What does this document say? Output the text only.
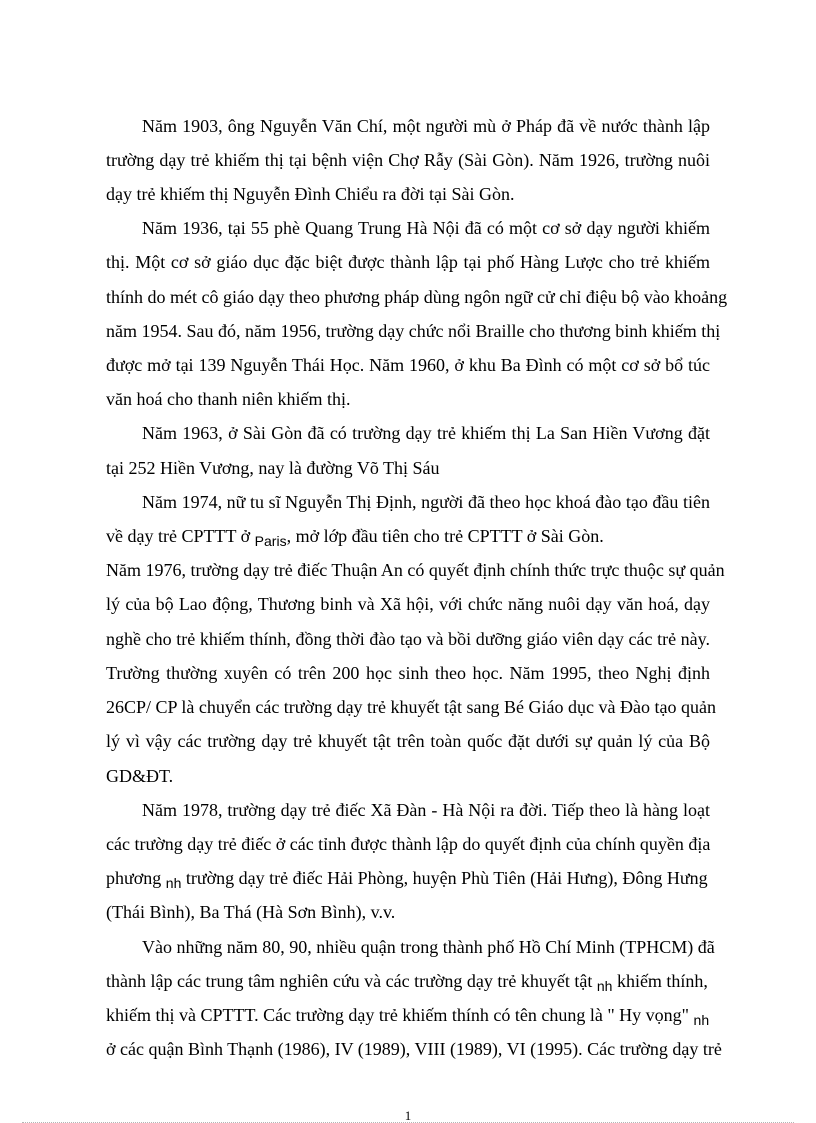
Năm 1903, ông Nguyễn Văn Chí, một người mù ở Pháp đã về nước thành lập
trường dạy trẻ khiếm thị tại bệnh viện Chợ Rẫy (Sài Gòn). Năm 1926, trường nuôi
dạy trẻ khiếm thị Nguyễn Đình Chiểu ra đời tại Sài Gòn.
Năm 1936, tại 55 phè Quang Trung Hà Nội đã có một cơ sở dạy người khiếm
thị. Một cơ sở giáo dục đặc biệt được thành lập tại phố Hàng Lược cho trẻ khiếm
thính do mét cô giáo dạy theo phương pháp dùng ngôn ngữ cử chỉ điệu bộ vào khoảng
năm 1954. Sau đó, năm 1956, trường dạy chức nổi Braille cho thương binh khiếm thị
được mở tại 139 Nguyễn Thái Học. Năm 1960, ở khu Ba Đình có một cơ sở bổ túc
văn hoá cho thanh niên khiếm thị.
Năm 1963, ở Sài Gòn đã có trường dạy trẻ khiếm thị La San Hiền Vương đặt
tại 252 Hiền Vương, nay là đường Võ Thị Sáu
Năm 1974, nữ tu sĩ Nguyễn Thị Định, người đã theo học khoá đào tạo đầu tiên
về dạy trẻ CPTTT ở $_{Paris}$, mở lớp đầu tiên cho trẻ CPTTT ở Sài Gòn.
Năm 1976, trường dạy trẻ điếc Thuận An có quyết định chính thức trực thuộc sự quản
lý của bộ Lao động, Thương binh và Xã hội, với chức năng nuôi dạy văn hoá, dạy
nghề cho trẻ khiếm thính, đồng thời đào tạo và bồi dưỡng giáo viên dạy các trẻ này.
Trường thường xuyên có trên 200 học sinh theo học. Năm 1995, theo Nghị định
26CP/ CP là chuyển các trường dạy trẻ khuyết tật sang Bé Giáo dục và Đào tạo quản
lý vì vậy các trường dạy trẻ khuyết tật trên toàn quốc đặt dưới sự quản lý của Bộ
GD&ĐT.
Năm 1978, trường dạy trẻ điếc Xã Đàn - Hà Nội ra đời. Tiếp theo là hàng loạt
các trường dạy trẻ điếc ở các tỉnh được thành lập do quyết định của chính quyền địa
phương $_{nh}$ trường dạy trẻ điếc Hải Phòng, huyện Phù Tiên (Hải Hưng), Đông Hưng
(Thái Bình), Ba Thá (Hà Sơn Bình), v.v.
Vào những năm 80, 90, nhiều quận trong thành phố Hồ Chí Minh (TPHCM) đã
thành lập các trung tâm nghiên cứu và các trường dạy trẻ khuyết tật $_{nh}$ khiếm thính,
khiếm thị và CPTTT. Các trường dạy trẻ khiếm thính có tên chung là " Hy vọng" $_{nh}$
ở các quận Bình Thạnh (1986), IV (1989), VIII (1989), VI (1995). Các trường dạy trẻ
1
